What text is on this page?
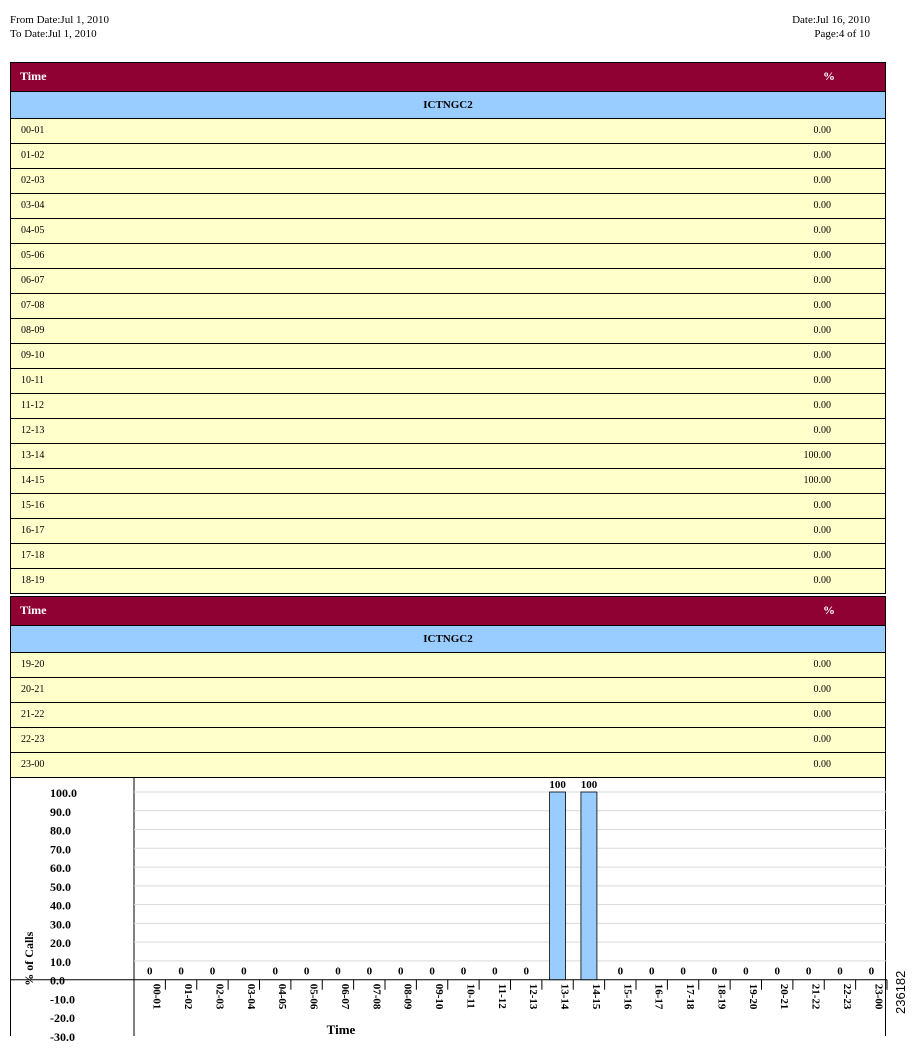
From Date:Jul 1, 2010
To Date:Jul 1, 2010
Date:Jul 16, 2010
Page:4 of 10
Time	%
ICTNGC2
00-01	0.00
01-02	0.00
02-03	0.00
03-04	0.00
04-05	0.00
05-06	0.00
06-07	0.00
07-08	0.00
08-09	0.00
09-10	0.00
10-11	0.00
11-12	0.00
12-13	0.00
13-14	100.00
14-15	100.00
15-16	0.00
16-17	0.00
17-18	0.00
18-19	0.00
Time	%
ICTNGC2
19-20	0.00
20-21	0.00
21-22	0.00
22-23	0.00
23-00	0.00
100.0
90.0
80.0
70.0
60.0
50.0
40.0
30.0
20.0
10.0
0.0
-10.0
-20.0
-30.0
0
00-01
0
01-02
0
02-03
0
03-04
0
04-05
0
05-06
0
06-07
0
07-08
0
08-09
0
09-10
0
10-11
0
11-12
0
12-13
100
13-14
100
14-15
0
15-16
0
16-17
0
17-18
0
18-19
0
19-20
0
20-21
0
21-22
0
22-23
0
23-00
Time
% of Calls
236182
